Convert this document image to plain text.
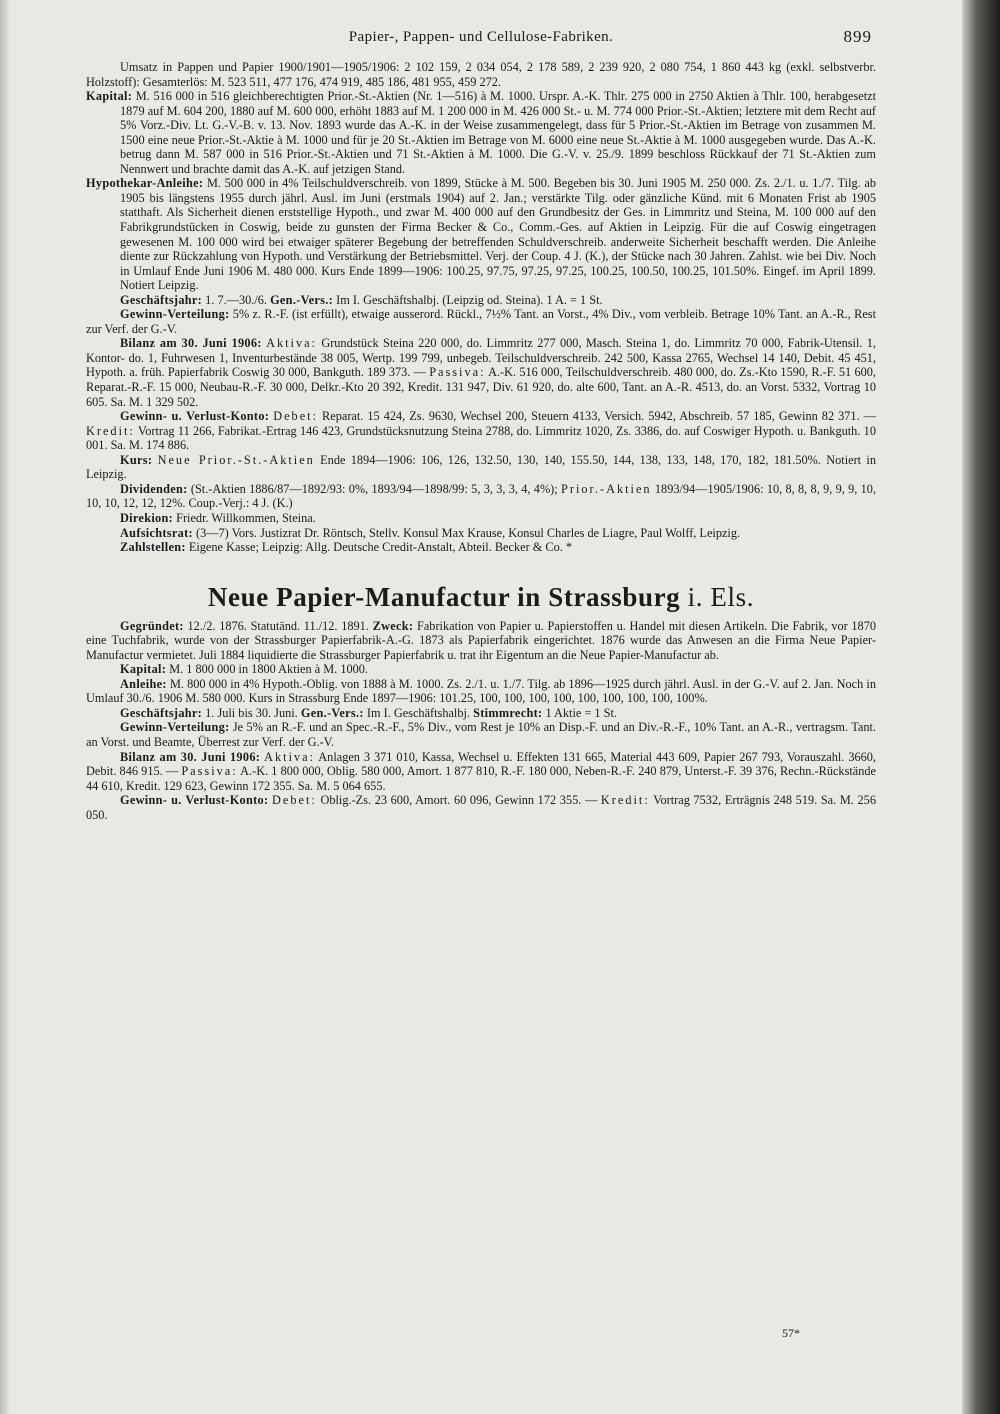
Papier-, Pappen- und Cellulose-Fabriken.	899

Umsatz in Pappen und Papier 1900/1901—1905/1906: 2 102 159, 2 034 054, 2 178 589, 2 239 920, 2 080 754, 1 860 443 kg (exkl. selbstverbr. Holzstoff): Gesamterlös: M. 523 511, 477 176, 474 919, 485 186, 481 955, 459 272.

Kapital: M. 516 000 in 516 gleichberechtigten Prior.-St.-Aktien (Nr. 1—516) à M. 1000. Urspr. A.-K. Thlr. 275 000 in 2750 Aktien à Thlr. 100, herabgesetzt 1879 auf M. 604 200, 1880 auf M. 600 000, erhöht 1883 auf M. 1 200 000 in M. 426 000 St.- u. M. 774 000 Prior.-St.-Aktien; letztere mit dem Recht auf 5% Vorz.-Div. Lt. G.-V.-B. v. 13. Nov. 1893 wurde das A.-K. in der Weise zusammengelegt, dass für 5 Prior.-St.-Aktien im Betrage von zusammen M. 1500 eine neue Prior.-St.-Aktie à M. 1000 und für je 20 St.-Aktien im Betrage von M. 6000 eine neue St.-Aktie à M. 1000 ausgegeben wurde. Das A.-K. betrug dann M. 587 000 in 516 Prior.-St.-Aktien und 71 St.-Aktien à M. 1000. Die G.-V. v. 25./9. 1899 beschloss Rückkauf der 71 St.-Aktien zum Nennwert und brachte damit das A.-K. auf jetzigen Stand.

Hypothekar-Anleihe: M. 500 000 in 4% Teilschuldverschreib. von 1899, Stücke à M. 500. Begeben bis 30. Juni 1905 M. 250 000. Zs. 2./1. u. 1./7. Tilg. ab 1905 bis längstens 1955 durch jährl. Ausl. im Juni (erstmals 1904) auf 2. Jan.; verstärkte Tilg. oder gänzliche Künd. mit 6 Monaten Frist ab 1905 statthaft. Als Sicherheit dienen erststellige Hypoth., und zwar M. 400 000 auf den Grundbesitz der Ges. in Limmritz und Steina, M. 100 000 auf den Fabrikgrundstücken in Coswig, beide zu gunsten der Firma Becker & Co., Comm.-Ges. auf Aktien in Leipzig. Für die auf Coswig eingetragen gewesenen M. 100 000 wird bei etwaiger späterer Begebung der betreffenden Schuldverschreib. anderweite Sicherheit beschafft werden. Die Anleihe diente zur Rückzahlung von Hypoth. und Verstärkung der Betriebsmittel. Verj. der Coup. 4 J. (K.), der Stücke nach 30 Jahren. Zahlst. wie bei Div. Noch in Umlauf Ende Juni 1906 M. 480 000. Kurs Ende 1899—1906: 100.25, 97.75, 97.25, 97.25, 100.25, 100.50, 100.25, 101.50%. Eingef. im April 1899. Notiert Leipzig.

Geschäftsjahr: 1. 7.—30./6. Gen.-Vers.: Im I. Geschäftshalbj. (Leipzig od. Steina). 1 A. = 1 St.

Gewinn-Verteilung: 5% z. R.-F. (ist erfüllt), etwaige ausserord. Rückl., 7½% Tant. an Vorst., 4% Div., vom verbleib. Betrage 10% Tant. an A.-R., Rest zur Verf. der G.-V.

Bilanz am 30. Juni 1906: Aktiva: Grundstück Steina 220 000, do. Limmritz 277 000, Masch. Steina 1, do. Limmritz 70 000, Fabrik-Utensil. 1, Kontor- do. 1, Fuhrwesen 1, Inventurbestände 38 005, Wertp. 199 799, unbegeb. Teilschuldverschreib. 242 500, Kassa 2765, Wechsel 14 140, Debit. 45 451, Hypoth. a. früh. Papierfabrik Coswig 30 000, Bankguth. 189 373. — Passiva: A.-K. 516 000, Teilschuldverschreib. 480 000, do. Zs.-Kto 1590, R.-F. 51 600, Reparat.-R.-F. 15 000, Neubau-R.-F. 30 000, Delkr.-Kto 20 392, Kredit. 131 947, Div. 61 920, do. alte 600, Tant. an A.-R. 4513, do. an Vorst. 5332, Vortrag 10 605. Sa. M. 1 329 502.

Gewinn- u. Verlust-Konto: Debet: Reparat. 15 424, Zs. 9630, Wechsel 200, Steuern 4133, Versich. 5942, Abschreib. 57 185, Gewinn 82 371. — Kredit: Vortrag 11 266, Fabrikat.-Ertrag 146 423, Grundstücksnutzung Steina 2788, do. Limmritz 1020, Zs. 3386, do. auf Coswiger Hypoth. u. Bankguth. 10 001. Sa. M. 174 886.

Kurs: Neue Prior.-St.-Aktien Ende 1894—1906: 106, 126, 132.50, 130, 140, 155.50, 144, 138, 133, 148, 170, 182, 181.50%. Notiert in Leipzig.

Dividenden: (St.-Aktien 1886/87—1892/93: 0%, 1893/94—1898/99: 5, 3, 3, 3, 4, 4%); Prior.-Aktien 1893/94—1905/1906: 10, 8, 8, 8, 9, 9, 9, 10, 10, 10, 12, 12, 12%. Coup.-Verj.: 4 J. (K.)

Direkion: Friedr. Willkommen, Steina.

Aufsichtsrat: (3—7) Vors. Justizrat Dr. Röntsch, Stellv. Konsul Max Krause, Konsul Charles de Liagre, Paul Wolff, Leipzig.

Zahlstellen: Eigene Kasse; Leipzig: Allg. Deutsche Credit-Anstalt, Abteil. Becker & Co. *

Neue Papier-Manufactur in Strassburg i. Els.

Gegründet: 12./2. 1876. Statutänd. 11./12. 1891. Zweck: Fabrikation von Papier u. Papierstoffen u. Handel mit diesen Artikeln. Die Fabrik, vor 1870 eine Tuchfabrik, wurde von der Strassburger Papierfabrik-A.-G. 1873 als Papierfabrik eingerichtet. 1876 wurde das Anwesen an die Firma Neue Papier-Manufactur vermietet. Juli 1884 liquidierte die Strassburger Papierfabrik u. trat ihr Eigentum an die Neue Papier-Manufactur ab.

Kapital: M. 1 800 000 in 1800 Aktien à M. 1000.

Anleihe: M. 800 000 in 4% Hypoth.-Oblig. von 1888 à M. 1000. Zs. 2./1. u. 1./7. Tilg. ab 1896—1925 durch jährl. Ausl. in der G.-V. auf 2. Jan. Noch in Umlauf 30./6. 1906 M. 580 000. Kurs in Strassburg Ende 1897—1906: 101.25, 100, 100, 100, 100, 100, 100, 100, 100, 100%.

Geschäftsjahr: 1. Juli bis 30. Juni. Gen.-Vers.: Im I. Geschäftshalbj. Stimmrecht: 1 Aktie = 1 St.

Gewinn-Verteilung: Je 5% an R.-F. und an Spec.-R.-F., 5% Div., vom Rest je 10% an Disp.-F. und an Div.-R.-F., 10% Tant. an A.-R., vertragsm. Tant. an Vorst. und Beamte, Überrest zur Verf. der G.-V.

Bilanz am 30. Juni 1906: Aktiva: Anlagen 3 371 010, Kassa, Wechsel u. Effekten 131 665, Material 443 609, Papier 267 793, Vorauszahl. 3660, Debit. 846 915. — Passiva: A.-K. 1 800 000, Oblig. 580 000, Amort. 1 877 810, R.-F. 180 000, Neben-R.-F. 240 879, Unterst.-F. 39 376, Rechn.-Rückstände 44 610, Kredit. 129 623, Gewinn 172 355. Sa. M. 5 064 655.

Gewinn- u. Verlust-Konto: Debet: Oblig.-Zs. 23 600, Amort. 60 096, Gewinn 172 355. — Kredit: Vortrag 7532, Erträgnis 248 519. Sa. M. 256 050.

57*
